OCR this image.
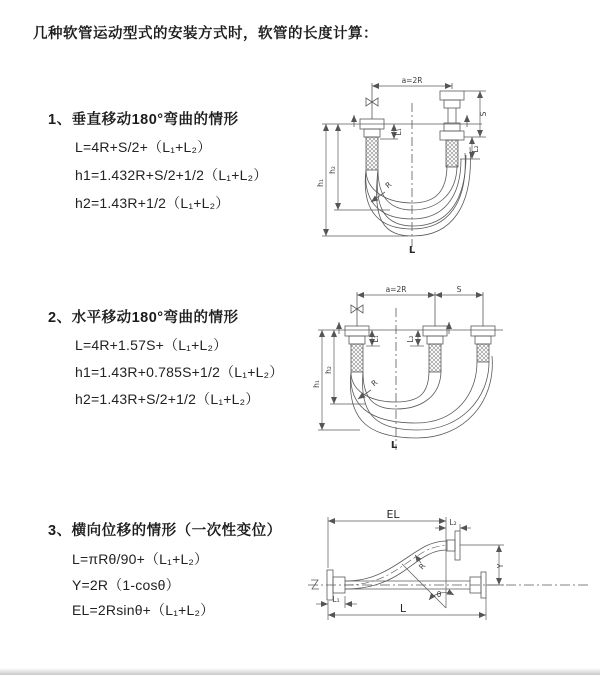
几种软管运动型式的安装方式时，软管的长度计算：
1、垂直移动180°弯曲的情形
L=4R+S/2+（L₁+L₂）
h1=1.432R+S/2+1/2（L₁+L₂）
h2=1.43R+1/2（L₁+L₂）
a=2R
h₁
h₂
L₁
S
L₂
R
L
2、水平移动180°弯曲的情形
L=4R+1.57S+（L₁+L₂）
h1=1.43R+0.785S+1/2（L₁+L₂）
h2=1.43R+S/2+1/2（L₁+L₂）
a=2R	S
h₁
h₂
L₁	L₂
R
L
3、横向位移的情形（一次性变位）
L=πRθ/90+（L₁+L₂）
Y=2R（1-cosθ）
EL=2Rsinθ+（L₁+L₂）
EL
L₂
Y
R
θ
L
L₁
